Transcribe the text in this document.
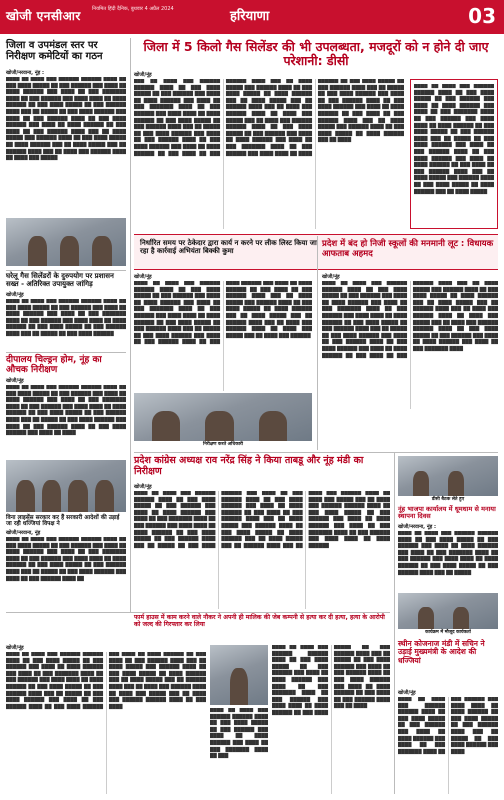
खोजी एनसीआर नियमित हिंदी दैनिक, बुधवार 4 अप्रैल 2024	हरियाणा	03
जिला व उपमंडल स्तर पर निरीक्षण कमेटियों का गठन
खोजी/नरवाना, नूंह :
████ ██ ████ ███ ██████ ██████ ████ ██ ███ ████ █████ ██ ███ ██████ ███ ████ ██ ████ ██████ ███ ████ ██ ███ ███████ ████ ██ ███ ██████ ███ ████ ████ ██ ████ ██████ ██ ███ ████ █████ ██ ███ ██████ ████ ███ ██ █████ ██ ███ ████ ██████ ███ ████ ██ ███ ██████ ████ ██ ███ ████ ██████ ███ ████ ██ ████ ██████ ██ ███ ████ ██ ███ ██████ ████ ███ ██ ████ █████ ███ ██████ ████ ██ ███ ████ █████ ██ ████ ██████ ███ ██ ████ █████ ███ ██ ██████ ████ ███ ██ ████ ███ ██████ ████ ██ ████ ███ █████
जिला में 5 किलो गैस सिलेंडर की भी उपलब्धता, मजदूरों को न होने दी जाए परेशानी: डीसी
खोजी/नूंह
███ ██ ████ ███ ██████ ██████ ████ ██ ███ ████ █████ ██ ███ ██████ ███ ████ ██ ████ ██████ ███ ████ ██ ███ ███████ ████ ██ ███ ██████ ███ ████ ████ ██ ████ ██████ ██ ███ ████ █████ ██ ███ ██████ ████ ███ ██ █████ ██ ███ ████ ██████ ███ ████ ██ ███ ██████ ████ ██ ███ ████ ██████ ███ ████ ██ ████ ██████ ██ ███ ████ ██ ███ ██████ ████ ███ ██ ████ █████ ███ ██████ ████ ██ ███ ████ █████ ██ ████ ██████ ███ ██ ████ █████ ███ ██ ██████ ████ ███ ██ ████ ███ ██████ ████ ██ ████ ███ █████ ███ ██ ████ ███ ██████ ██████ ████ ██ ███ ████ █████ ██ ███ ██████ ███ ████ ██ ████ ██████ ███ ████ ██ ███ ███████ ████ ██ ███ ██████ ███ ████ ████ ██ ████ ██████ ██ ███ ████ █████ ██ ███ ██████ ████ ███ ██ █████ ██ ███ ████ ██████ ███ ████ ██ ███ ██████ ████ ██ ███ ████ ██████ ███ ████ ██ ████ ██████ ██ ███ ████ ██ ███ ██████ ████ ███ ██ ████ █████ ███ ██████ ████ ██ ███ ████ █████ ██ ████ ██████ ███ ██ ████
████ ██ ████ ███ ██████ ██████ ████ ██ ███ ████ █████ ██ ███ ██████ ███ ████ ██ ████ ██████ ███ ████ ██ ███ ███████ ████ ██ ███ ██████ ███ ████ ████ ██ ████ ██████ ██ ███ ████ █████ ██ ███ ██████ ████ ███ ██ █████ ██ ███ ████ ██████ ███ ████ ██ ███ ██████ ████ ██ ███ ████ ██████ ███ ████ ██ ████ ██████ ██ ███ ████ ██ ███ ██████ ████ ███ ██ ████ █████ ███ ██████ ████ ██ ███ ████ █████ ██ ████ ██████ ███ ██ ████ █████
घरेलू गैस सिलेंडरों के दुरुपयोग पर प्रशासन सख्त - अतिरिक्त उपायुक्त जांगिड़
खोजी/नूंह
████ ██ ████ ███ ██████ ██████ ████ ██ ███ ████ █████ ██ ███ ██████ ███ ████ ██ ████ ██████ ███ ████ ██ ███ ███████ ████ ██ ███ ██████ ███ ████ ████ ██ ████ ██████ ██ ███ ████ █████ ██ ███ ██████ ████ ███ ██ █████ ██ ███ ████ ██████
दीपालय चिल्ड्रन होम, नूंह का औचक निरीक्षण
खोजी/नूंह
████ ██ ████ ███ ██████ ██████ ████ ██ ███ ████ █████ ██ ███ ██████ ███ ████ ██ ████ ██████ ███ ████ ██ ███ ███████ ████ ██ ███ ██████ ███ ████ ████ ██ ████ ██████ ██ ███ ████ █████ ██ ███ ██████ ████ ███ ██ █████ ██ ███ ████ ██████ ███ ████ ██ ███ ██████ ████ ██ ███ ████ ██████ ███ ████ ██ ████
निर्धारित समय पर ठेकेदार द्वारा कार्य न करने पर लीक लिस्ट किया जा रहा है कार्रवाई अभियंता बिक्की कुमा
खोजी/नूंह
████ ██ ████ ███ ██████ ██████ ████ ██ ███ ████ █████ ██ ███ ██████ ███ ████ ██ ████ ██████ ███ ████ ██ ███ ███████ ████ ██ ███ ██████ ███ ████ ████ ██ ████ ██████ ██ ███ ████ █████ ██ ███ ██████ ████ ███ ██ █████ ██ ███ ████ ██████ ███ ████ ██ ███ ██████ ████ ██ ███ ████ ██████ ███ ████ ██ ████ ██████ ██ ███ ████ ██ ███ ██████ ████ ███ ██ ████ █████ ███ ██████ ████ ██ ███ ████ █████ ██ ████ ██████ ███ ██ ████ █████ ███ ██ ██████ ████ ███ ██ ████ ███ ██████ ████ ██ ████ ███ █████ ███ ██ ████ ███ ██████
निरीक्षण करते अधिकारी
प्रदेश में बंद हो निजी स्कूलों की मनमानी लूट : विधायक आफताब अहमद
खोजी/नूंह
████ ██ ████ ███ ██████ ██████ ████ ██ ███ ████ █████ ██ ███ ██████ ███ ████ ██ ████ ██████ ███ ████ ██ ███ ███████ ████ ██ ███ ██████ ███ ████ ████ ██ ████ ██████ ██ ███ ████ █████ ██ ███ ██████ ████ ███ ██ █████ ██ ███ ████ ██████ ███ ████ ██ ███ ██████ ████ ██ ███ ████ ██████ ███ ████ ██ ████ ██████ ██ ███ ████ ██ ███ ██████ ████ ███ ██ ████ █████ ███ ██████ ████ ██ ███ ████ █████ ██ ████ ██████ ███ ██ ████ █████ ███ ██ ██████ ████ ███ ██ ████ ███ ██████ ████ ██ ████ ███ █████ ███ ██ ████ ███ ██████ ██████ ████ ██ ███ ████ █████ ██ ███ ██████ ███ ████ ██ ████ ██████ ███ ████ ██ ███ ███████ ████
प्रदेश कांग्रेस अध्यक्ष राव नरेंद्र सिंह ने किया ताबडू और नूंह मंडी का निरीक्षण
खोजी/नूंह
████ ██ ████ ███ ██████ ██████ ████ ██ ███ ████ █████ ██ ███ ██████ ███ ████ ██ ████ ██████ ███ ████ ██ ███ ███████ ████ ██ ███ ██████ ███ ████ ████ ██ ████ ██████ ██ ███ ████ █████ ██ ███ ██████ ████ ███ ██ █████ ██ ███ ████ ██████ ███ ████ ██ ███ ██████ ████ ██ ███ ████ ██████ ███ ████ ██ ████ ██████ ██ ███ ████ ██ ███ ██████ ████ ███ ██ ████ █████ ███ ██████ ████ ██ ███ ████ █████ ██ ████ ██████ ███ ██ ████ █████ ███ ██ ██████ ████ ███ ██ ████ ███ ██████ ████ ██ ████ ███ █████ ███ ██ ████ ███ ██████ ██████ ████ ██ ███ ████ █████ ██ ███ ██████ ███ ████ ██ ████ ██████ ███ ████ ██ ███ ███████ ████ ██ ███ ██████ ███ ████ ████ ██ ████ ██████
डीसी बैठक लेते हुए
नूंह भाजपा कार्यालय में धूमधाम से मनाया स्थापना दिवस
खोजी/नरवाना, नूंह :
████ ██ ████ ███ ██████ ██████ ████ ██ ███ ████ █████ ██ ███ ██████ ███ ████ ██ ████ ██████ ███ ████ ██ ███ ███████ ████ ██ ███ ██████ ███ ████ ████ ██ ████ ██████ ██ ███ ████ █████ ██ ███ ██████ ████ ███ ██ █████
कार्यक्रम में मौजूद कार्यकर्ता
विना लाइसेंस सरकार कर हैं सरकारी आदेशों की उड़ाई जा रही धज्जियां विपक्ष ने
खोजी/नरवाना, नूंह
████ ██ ████ ███ ██████ ██████ ████ ██ ███ ████ █████ ██ ███ ██████ ███ ████ ██ ████ ██████ ███ ████ ██ ███ ███████ ████ ██ ███ ██████ ███ ████ ████ ██ ████ ██████ ██ ███ ████ █████ ██ ███ ██████ ████ ███ ██ █████ ██ ███ ████ ██████ ███ ████ ██ ███ ██████ ████ ██
फार्म हाउस में काम करने वाले नौकर ने अपनी ही मालिक की जेब कम्पनी से हत्या कर दी हत्या, हत्या के आरोपी को जल्द की गिरफ्तार कर लिया
खोजी/नूंह
████ ██ ████ ███ ██████ ██████ ████ ██ ███ ████ █████ ██ ███ ██████ ███ ████ ██ ████ ██████ ███ ████ ██ ███ ███████ ████ ██ ███ ██████ ███ ████ ████ ██ ████ ██████ ██ ███ ████ █████ ██ ███ ██████ ████ ███ ██ █████ ██ ███ ████ ██████ ███ ████ ██ ███ ██████ ████ ██ ███ ████ ██████ ███ ████ ██ ████ ██████ ██ ███ ████ ██ ███ ██████ ████ ███ ██ ████ █████ ███ ██████ ████ ██ ███ ████ █████ ██ ████ ██████ ███ ██ ████ █████ ███ ██ ██████ ████ ███ ██ ████ ███ ██████ ████ ██ ████ ███ █████ ███ ██ ████ ███ ██████ ██████ ████ ██ ███ ████
████ ██ ████ ███ ██████ ██████ ████ ██ ███ ████ █████ ██ ███ ██████ ███ ████ ██ ████ ██████ ███ ████ ██ ███ ███████ ████ ██ ███ ██████ ███ ████ ████ ██ ████ ██████ ██ ███ ████ █████ ██ ███ ██████ ████ ███ ██ █████ ██ ███ ████ ██████ ███ ████ ██ ███ ██████ ████ ██ ███ ████ ██████ ███ ████ ██ ████ ██████ ██ ███ ████ ██ ███ ██████ ████ ███ ██ ████
████ ██ ████ ███ ██████ ██████ ████ ██ ███ ████ █████ ██ ███ ██████ ███ ████ ██ ████ ██████ ███ ████ ██ ███ ███████ ████ ██ ███
स्थीन कोजनाज मंडी में सचिन ने उड़ाई मुख्यमंत्री के आदेश की धज्जियां
खोजी/नूंह
████ ██ ████ ███ ██████ ██████ ████ ██ ███ ████ █████ ██ ███ ██████ ███ ████ ██ ████ ██████ ███ ████ ██ ███ ███████ ████ ██ ███ ██████ ███ ████ ████ ██ ████ ██████ ██ ███ ████ █████ ██ ███ ██████ ████ ███ ██ █████ ██ ███ ████ ██████ ███ ████
